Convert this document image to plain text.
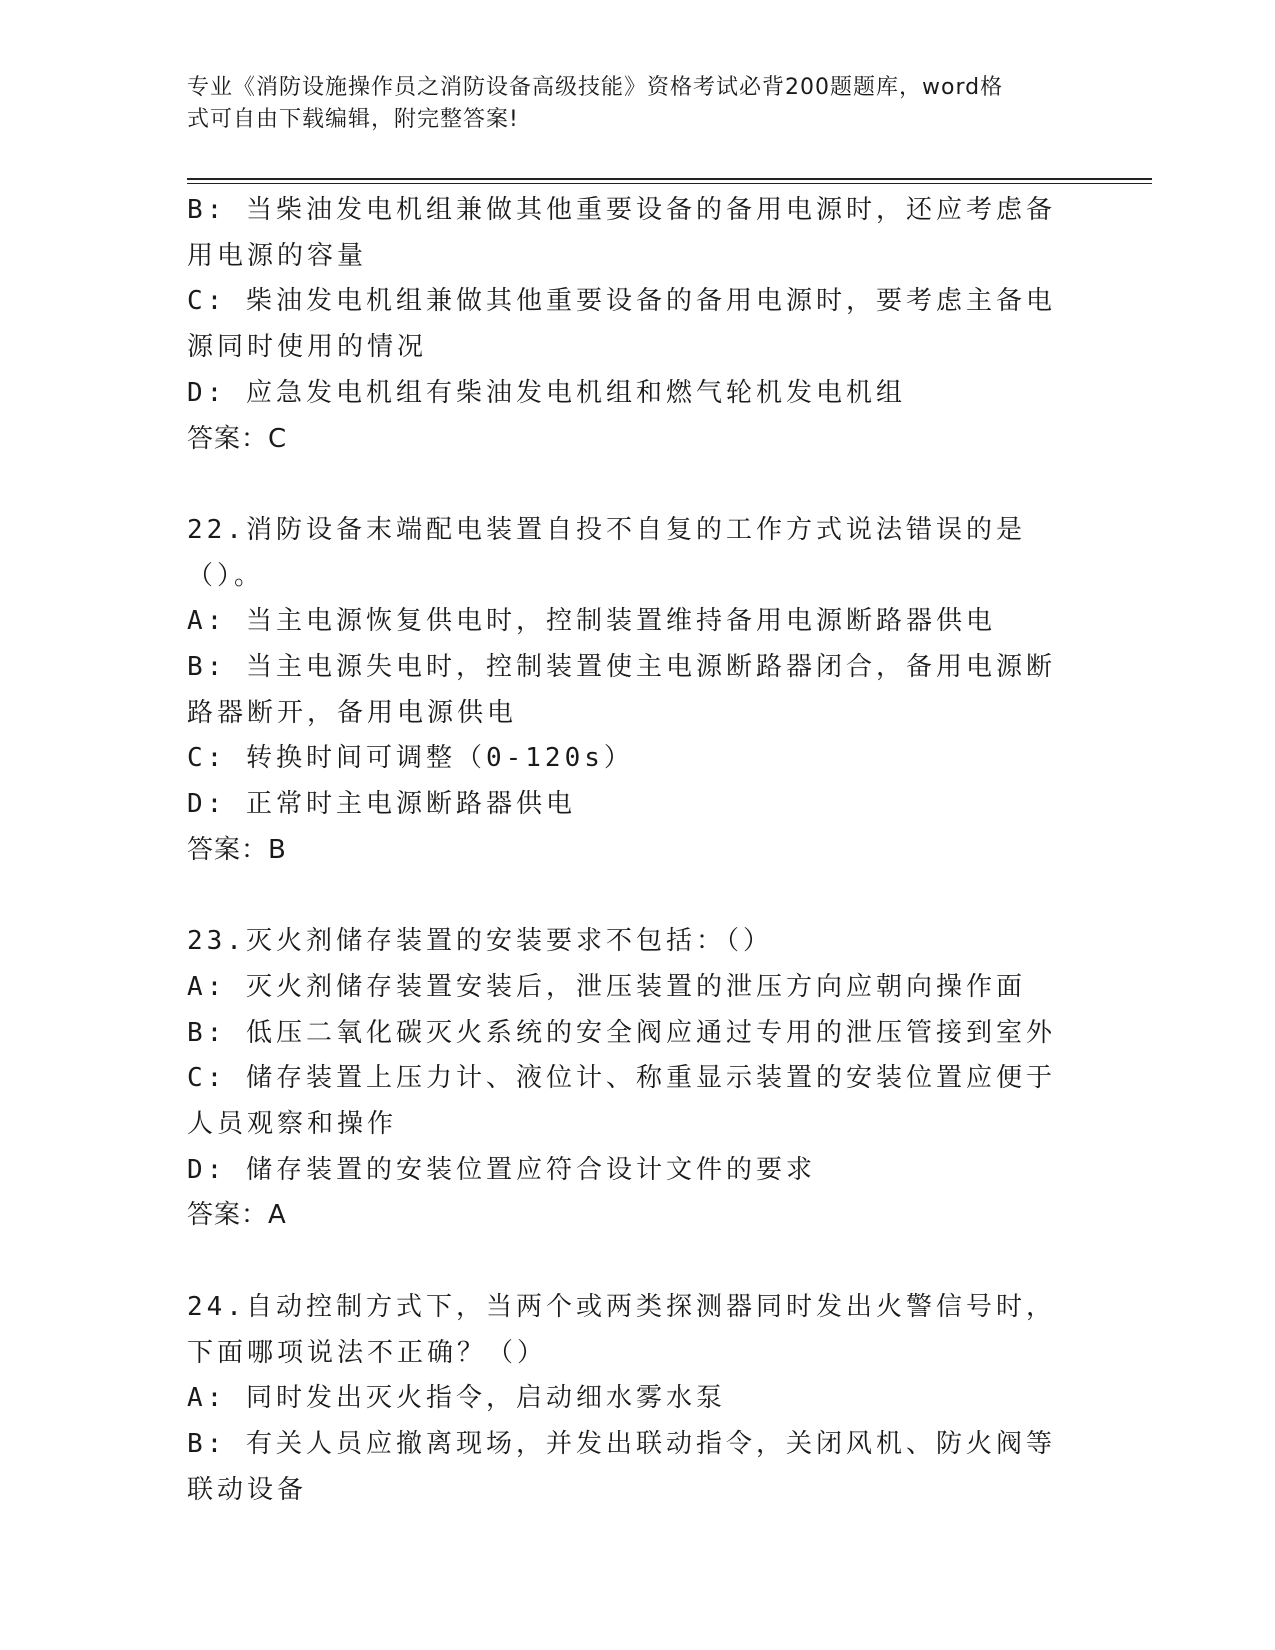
专业《消防设施操作员之消防设备高级技能》资格考试必背200题题库，word格
式可自由下载编辑，附完整答案!

B: 当柴油发电机组兼做其他重要设备的备用电源时，还应考虑备用电源的容量

C: 柴油发电机组兼做其他重要设备的备用电源时，要考虑主备电源同时使用的情况

D: 应急发电机组有柴油发电机组和燃气轮机发电机组

答案：C

22.消防设备末端配电装置自投不自复的工作方式说法错误的是（）。

A: 当主电源恢复供电时，控制装置维持备用电源断路器供电

B: 当主电源失电时，控制装置使主电源断路器闭合，备用电源断路器断开，备用电源供电

C: 转换时间可调整（0-120s）

D: 正常时主电源断路器供电

答案：B

23.灭火剂储存装置的安装要求不包括：（）

A: 灭火剂储存装置安装后，泄压装置的泄压方向应朝向操作面

B: 低压二氧化碳灭火系统的安全阀应通过专用的泄压管接到室外

C: 储存装置上压力计、液位计、称重显示装置的安装位置应便于人员观察和操作

D: 储存装置的安装位置应符合设计文件的要求

答案：A

24.自动控制方式下，当两个或两类探测器同时发出火警信号时，下面哪项说法不正确？（）

A: 同时发出灭火指令，启动细水雾水泵

B: 有关人员应撤离现场，并发出联动指令，关闭风机、防火阀等联动设备
